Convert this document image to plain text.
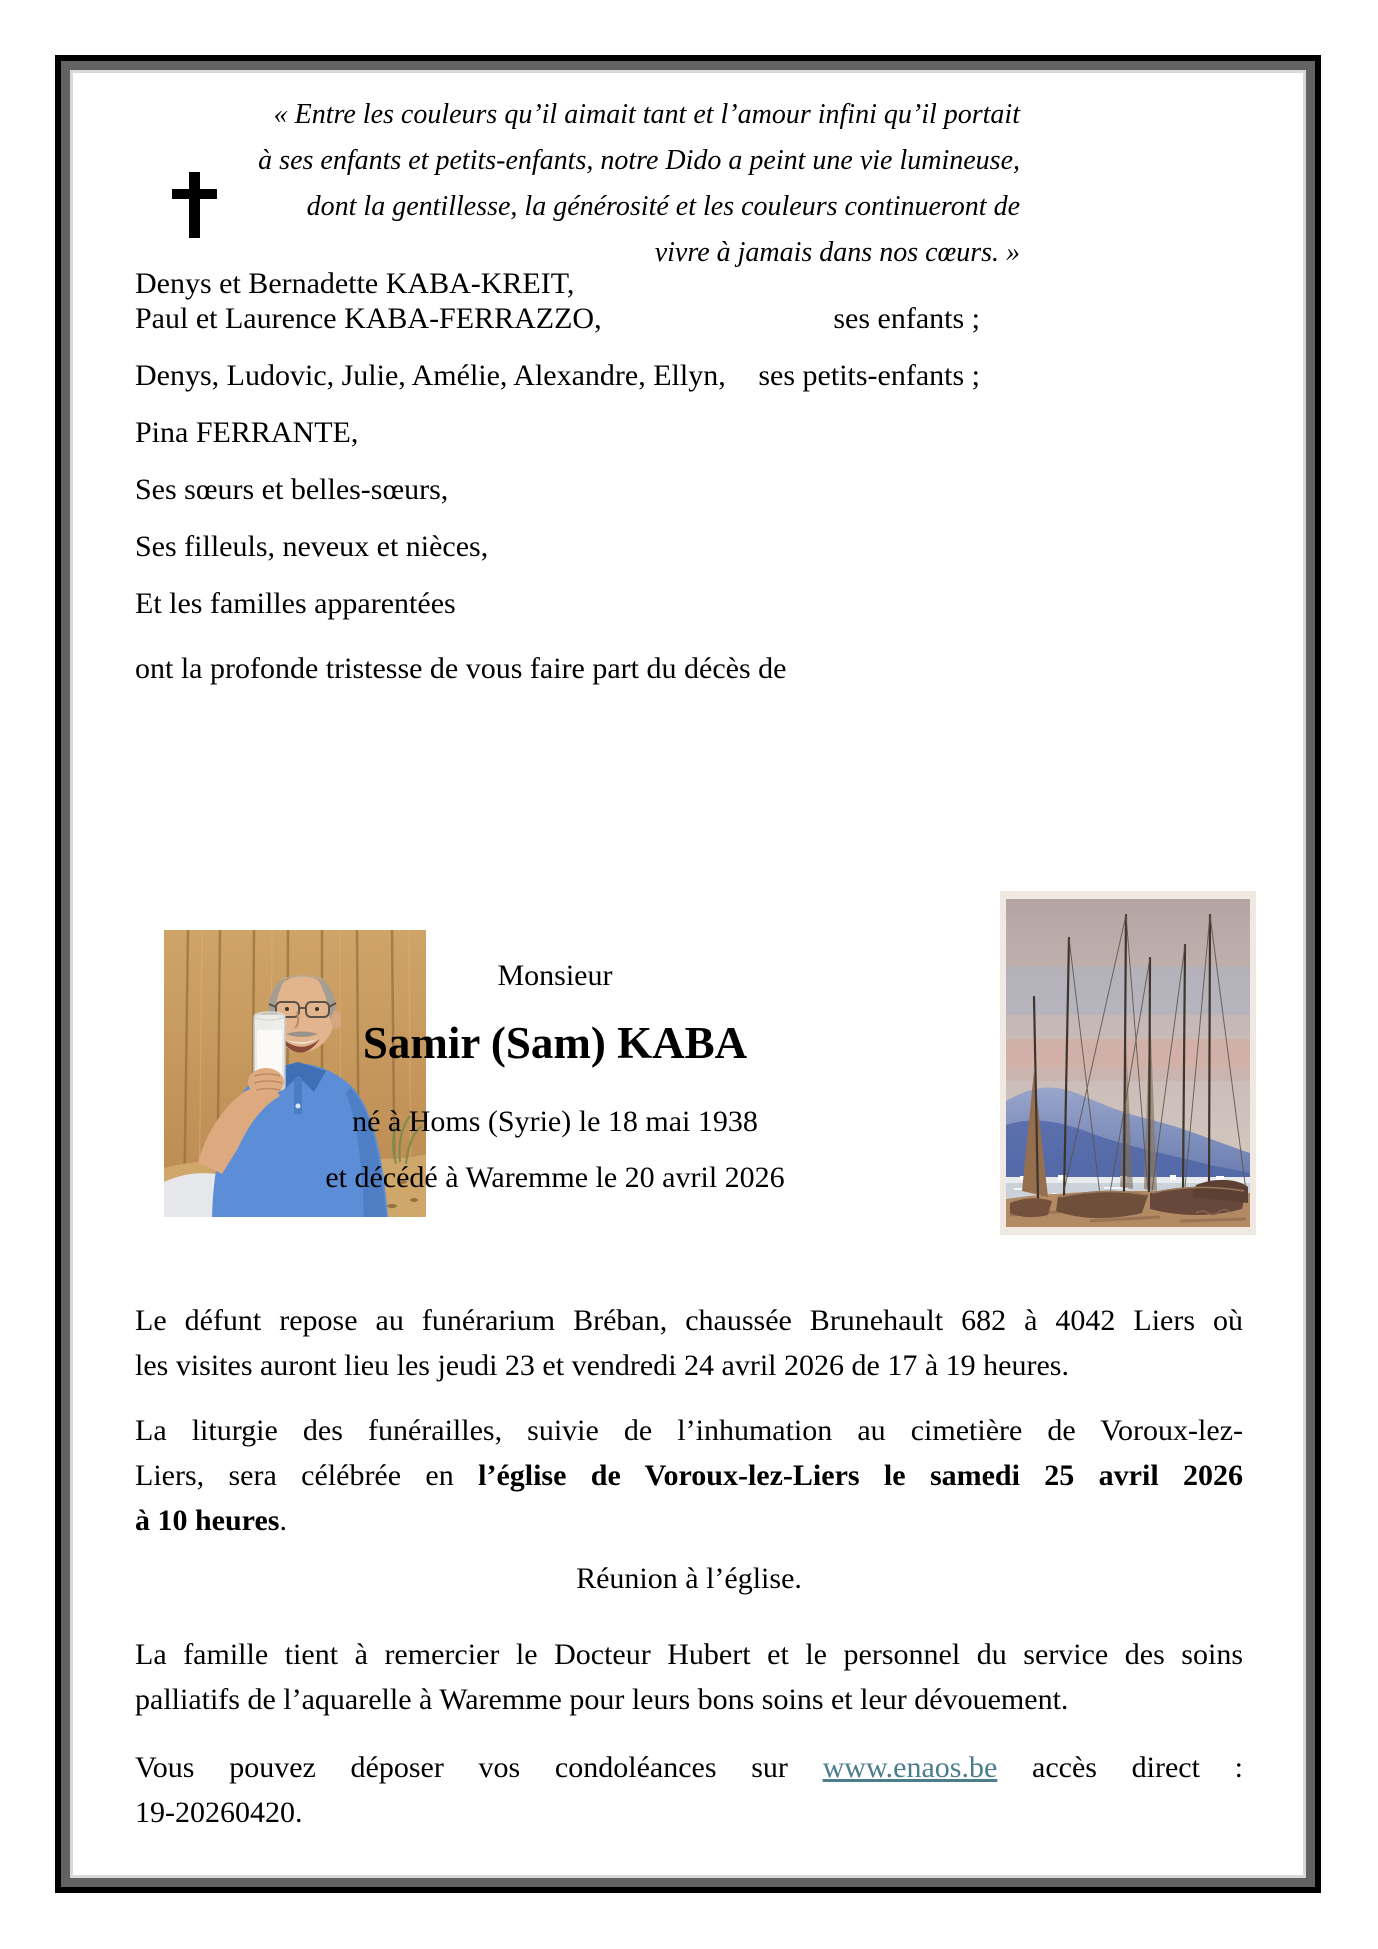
« Entre les couleurs qu’il aimait tant et l’amour infini qu’il portait
à ses enfants et petits-enfants, notre Dido a peint une vie lumineuse,
dont la gentillesse, la générosité et les couleurs continueront de
vivre à jamais dans nos cœurs. »
Denys et Bernadette KABA-KREIT,
Paul et Laurence KABA-FERRAZZO,	ses enfants ;
Denys, Ludovic, Julie, Amélie, Alexandre, Ellyn, ses petits-enfants ;
Pina FERRANTE,
Ses sœurs et belles-sœurs,
Ses filleuls, neveux et nièces,
Et les familles apparentées
ont la profonde tristesse de vous faire part du décès de
Monsieur
Samir (Sam) KABA
né à Homs (Syrie) le 18 mai 1938
et décédé à Waremme le 20 avril 2026
Le défunt repose au funérarium Bréban, chaussée Brunehault 682 à 4042 Liers où
les visites auront lieu les jeudi 23 et vendredi 24 avril 2026 de 17 à 19 heures.
La liturgie des funérailles, suivie de l’inhumation au cimetière de Voroux-lez-
Liers, sera célébrée en l’église de Voroux-lez-Liers le samedi 25 avril 2026
à 10 heures.
Réunion à l’église.
La famille tient à remercier le Docteur Hubert et le personnel du service des soins
palliatifs de l’aquarelle à Waremme pour leurs bons soins et leur dévouement.
Vous pouvez déposer vos condoléances sur www.enaos.be accès direct :
19-20260420.
